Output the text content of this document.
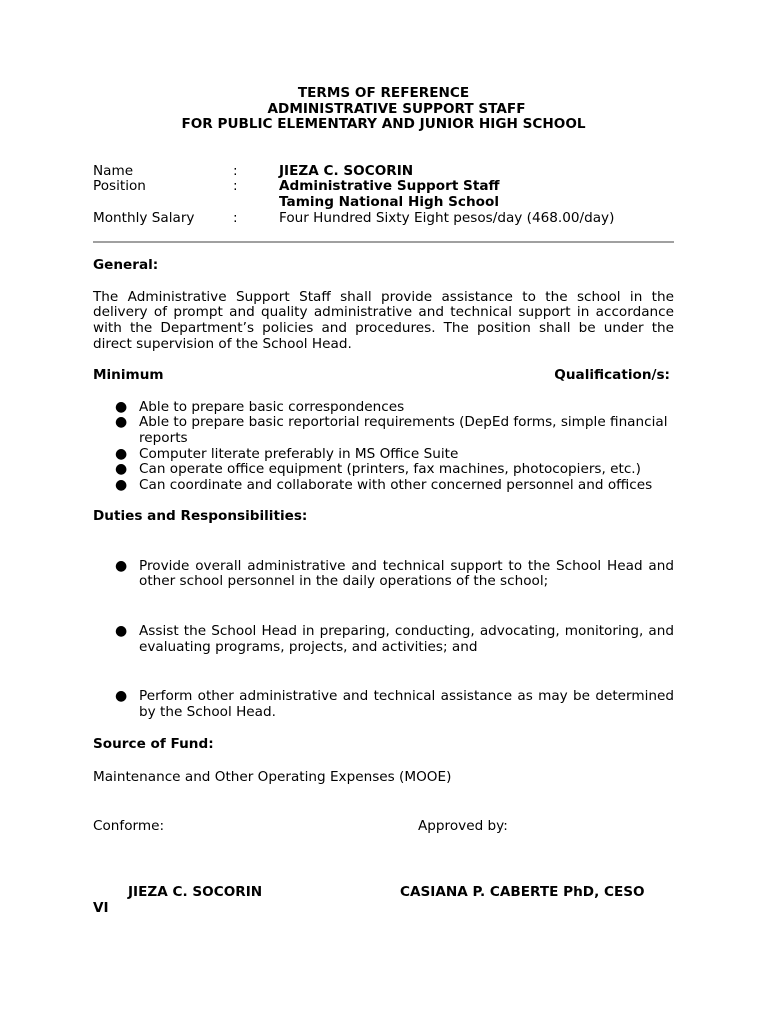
TERMS OF REFERENCE
ADMINISTRATIVE SUPPORT STAFF
FOR PUBLIC ELEMENTARY AND JUNIOR HIGH SCHOOL
Name	:	JIEZA C. SOCORIN
Position	:	Administrative Support Staff
Taming National High School
Monthly Salary	:	Four Hundred Sixty Eight pesos/day (468.00/day)
General:
The Administrative Support Staff shall provide assistance to the school in the delivery of prompt and quality administrative and technical support in accordance with the Department’s policies and procedures. The position shall be under the direct supervision of the School Head.
Minimum	Qualification/s:
● Able to prepare basic correspondences
● Able to prepare basic reportorial requirements (DepEd forms, simple financial reports
● Computer literate preferably in MS Office Suite
● Can operate office equipment (printers, fax machines, photocopiers, etc.)
● Can coordinate and collaborate with other concerned personnel and offices
Duties and Responsibilities:
● Provide overall administrative and technical support to the School Head and other school personnel in the daily operations of the school;
● Assist the School Head in preparing, conducting, advocating, monitoring, and evaluating programs, projects, and activities; and
● Perform other administrative and technical assistance as may be determined by the School Head.
Source of Fund:
Maintenance and Other Operating Expenses (MOOE)
Conforme:	Approved by:
JIEZA C. SOCORIN	CASIANA P. CABERTE PhD, CESO
VI
